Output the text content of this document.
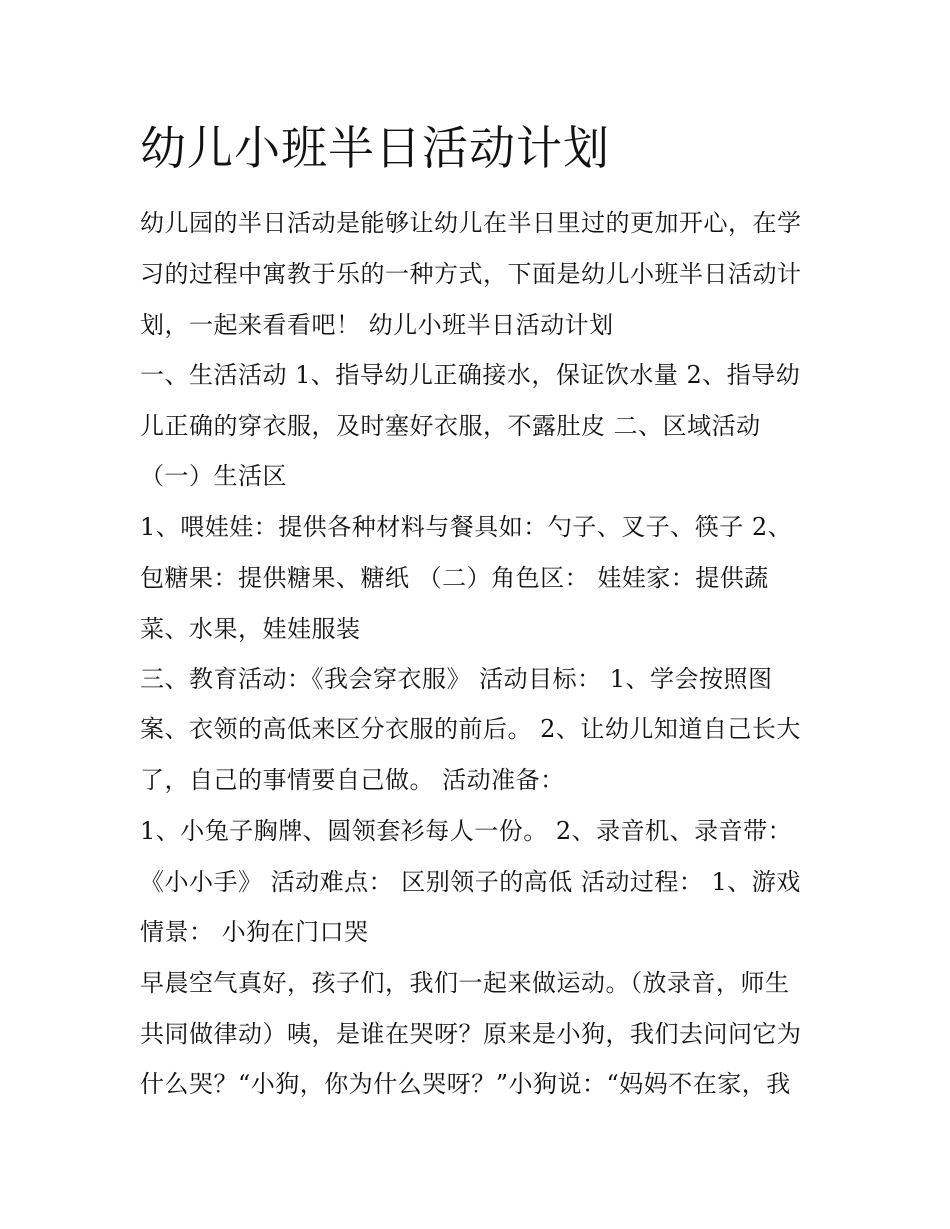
幼儿小班半日活动计划

幼儿园的半日活动是能够让幼儿在半日里过的更加开心，在学

习的过程中寓教于乐的一种方式，下面是幼儿小班半日活动计

划，一起来看看吧！ 幼儿小班半日活动计划

一、生活活动 1、指导幼儿正确接水，保证饮水量 2、指导幼

儿正确的穿衣服，及时塞好衣服，不露肚皮 二、区域活动

（一）生活区

1、喂娃娃：提供各种材料与餐具如：勺子、叉子、筷子 2、

包糖果：提供糖果、糖纸 （二）角色区： 娃娃家：提供蔬

菜、水果，娃娃服装

三、教育活动：《我会穿衣服》 活动目标： 1、学会按照图

案、衣领的高低来区分衣服的前后。 2、让幼儿知道自己长大

了，自己的事情要自己做。 活动准备：

1、小兔子胸牌、圆领套衫每人一份。 2、录音机、录音带：

《小小手》 活动难点： 区别领子的高低 活动过程： 1、游戏

情景： 小狗在门口哭

早晨空气真好，孩子们，我们一起来做运动。（放录音，师生

共同做律动）咦，是谁在哭呀？原来是小狗，我们去问问它为

什么哭？“小狗，你为什么哭呀？”小狗说：“妈妈不在家，我
